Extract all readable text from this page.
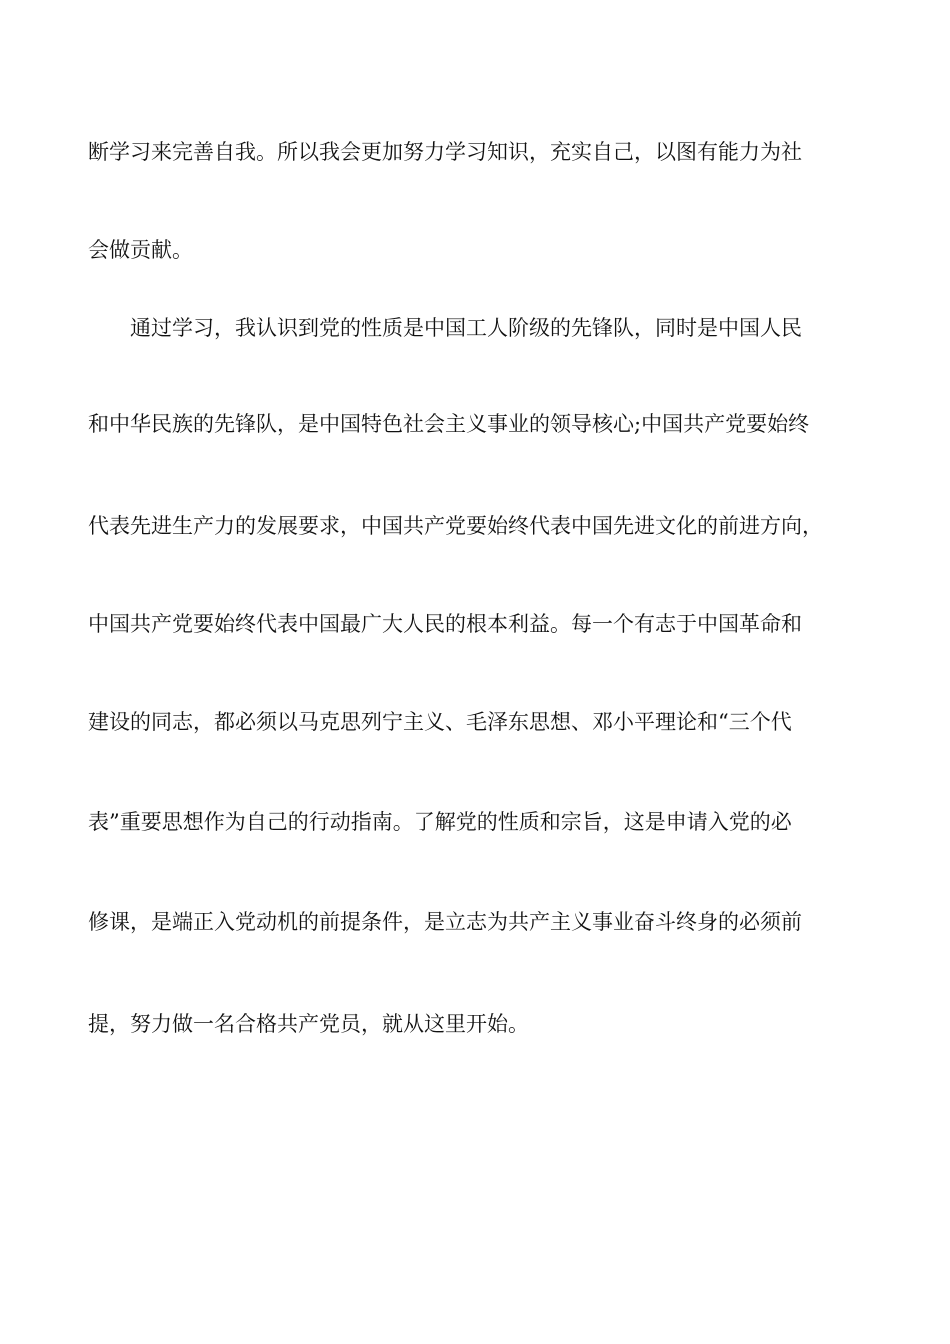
断学习来完善自我。所以我会更加努力学习知识，充实自己，以图有能力为社
会做贡献。
通过学习，我认识到党的性质是中国工人阶级的先锋队，同时是中国人民
和中华民族的先锋队，是中国特色社会主义事业的领导核心;中国共产党要始终
代表先进生产力的发展要求，中国共产党要始终代表中国先进文化的前进方向，
中国共产党要始终代表中国最广大人民的根本利益。每一个有志于中国革命和
建设的同志，都必须以马克思列宁主义、毛泽东思想、邓小平理论和“三个代
表”重要思想作为自己的行动指南。了解党的性质和宗旨，这是申请入党的必
修课，是端正入党动机的前提条件，是立志为共产主义事业奋斗终身的必须前
提，努力做一名合格共产党员，就从这里开始。
